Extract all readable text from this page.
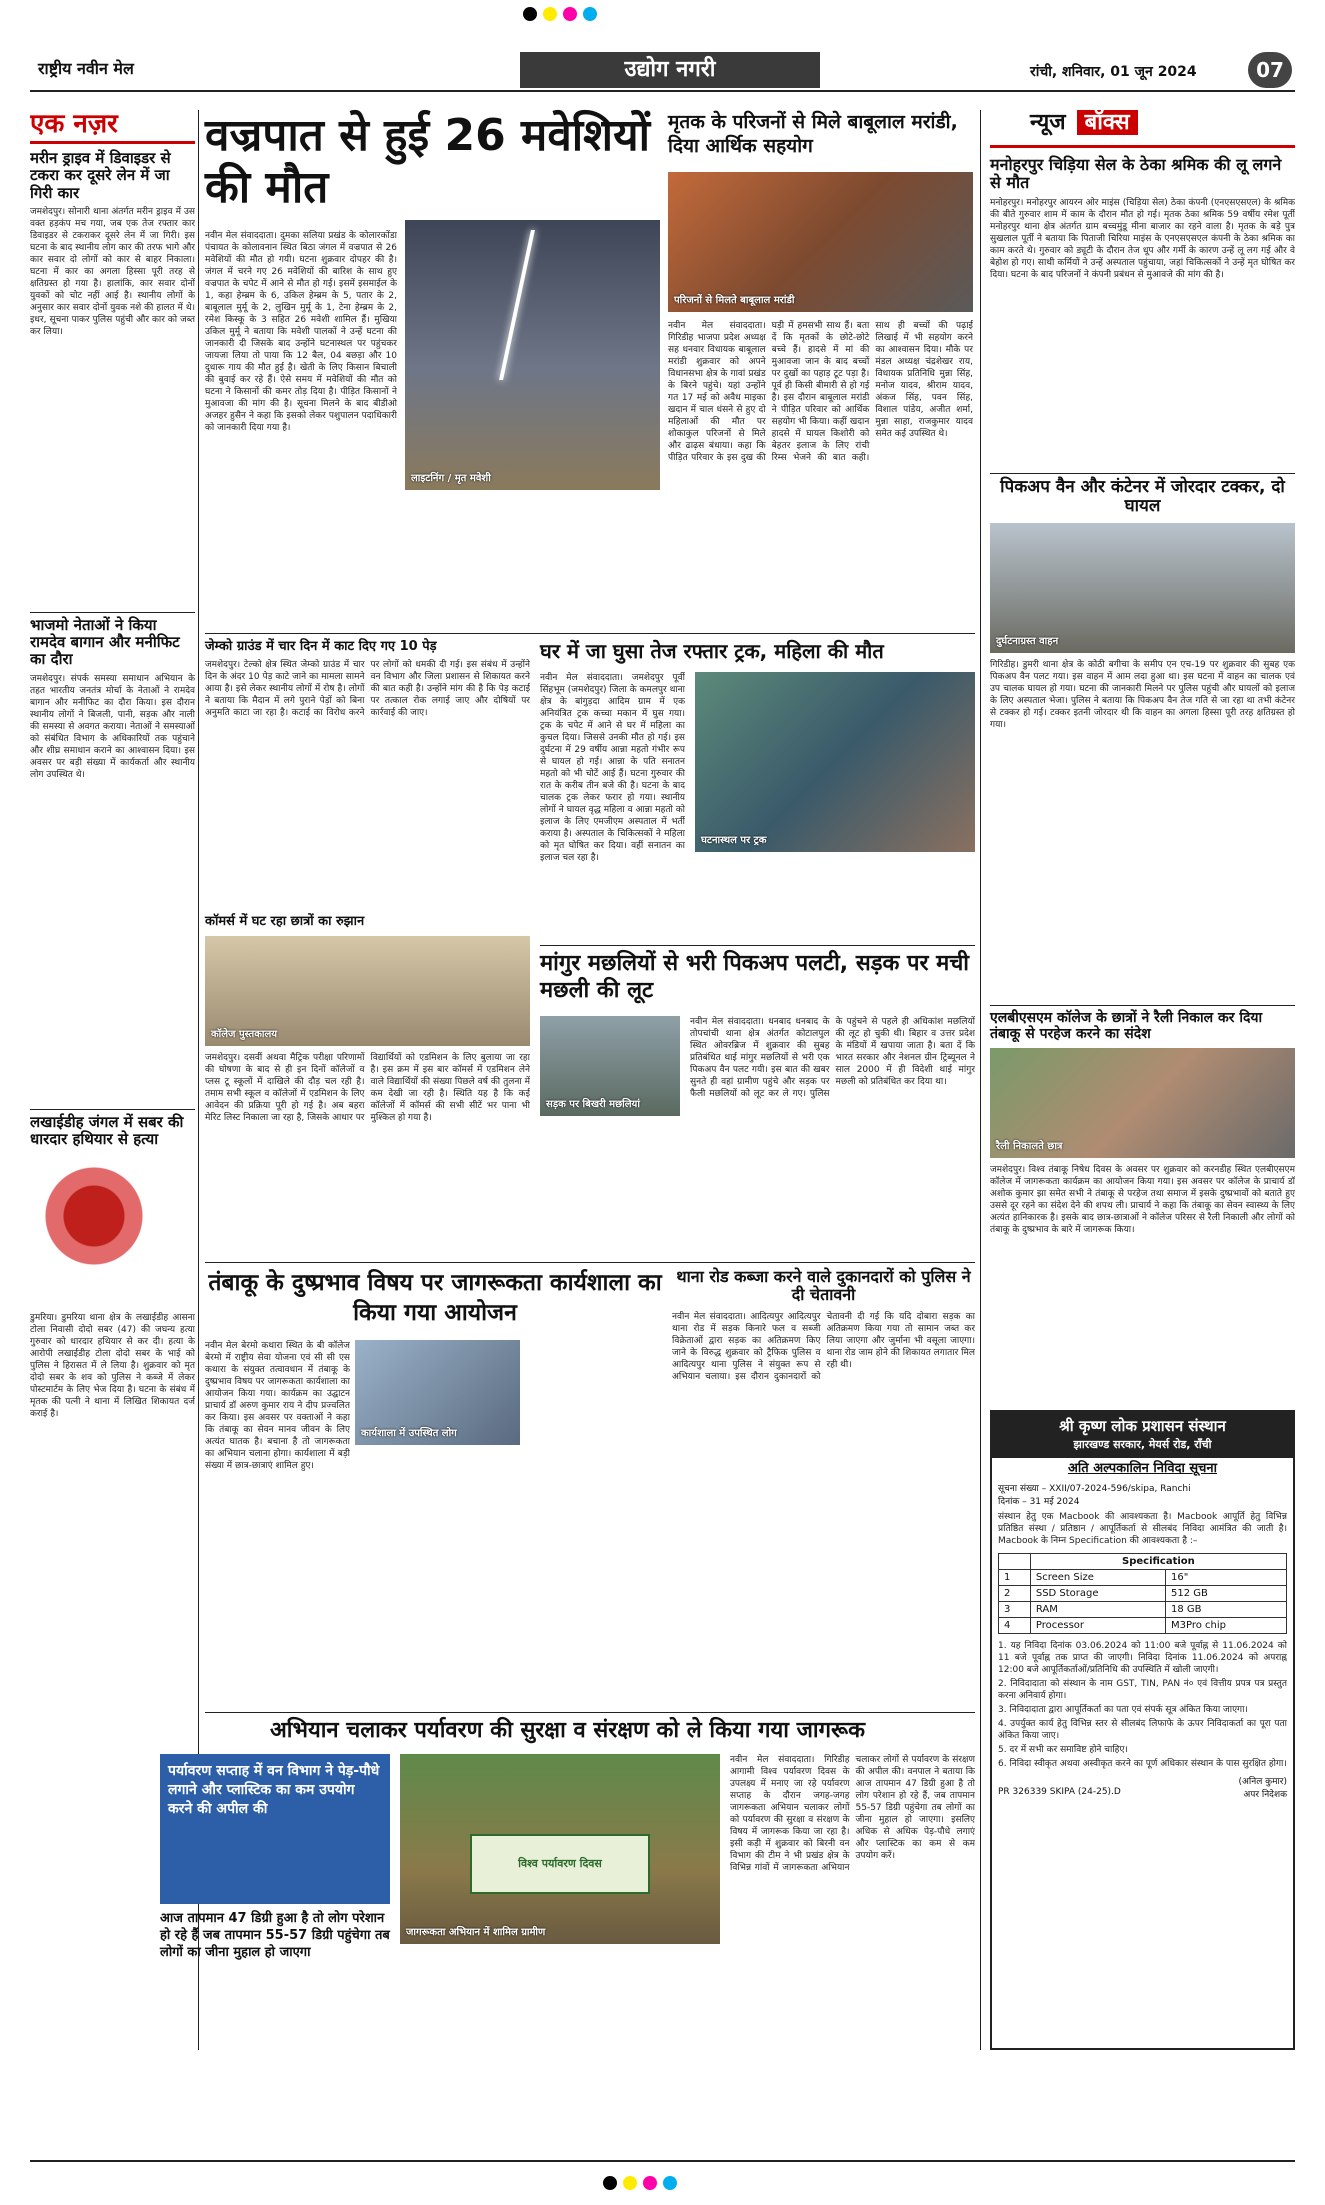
राष्ट्रीय नवीन मेल	उद्योग नगरी	रांची, शनिवार, 01 जून 2024	07
एक नज़र
मरीन ड्राइव में डिवाइडर से टकरा कर दूसरे लेन में जा गिरी कार
जमशेदपुर। सोनारी थाना अंतर्गत मरीन ड्राइव में उस वक्त हड़कंप मच गया, जब एक तेज रफ्तार कार डिवाइडर से टकराकर दूसरे लेन में जा गिरी। इस घटना के बाद स्थानीय लोग कार की तरफ भागे और कार सवार दो लोगों को कार से बाहर निकाला। घटना में कार का अगला हिस्सा पूरी तरह से क्षतिग्रस्त हो गया है। हालांकि, कार सवार दोनों युवकों को चोट नहीं आई है। स्थानीय लोगों के अनुसार कार सवार दोनों युवक नशे की हालत में थे। इधर, सूचना पाकर पुलिस पहुंची और कार को जब्त कर लिया।
भाजमो नेताओं ने किया रामदेव बागान और मनीफिट का दौरा
जमशेदपुर। संपर्क समस्या समाधान अभियान के तहत भारतीय जनतंत्र मोर्चा के नेताओं ने रामदेव बागान और मनीफिट का दौरा किया। इस दौरान स्थानीय लोगों ने बिजली, पानी, सड़क और नाली की समस्या से अवगत कराया। नेताओं ने समस्याओं को संबंधित विभाग के अधिकारियों तक पहुंचाने और शीघ्र समाधान कराने का आश्वासन दिया। इस अवसर पर बड़ी संख्या में कार्यकर्ता और स्थानीय लोग उपस्थित थे।
लखाईडीह जंगल में सबर की धारदार हथियार से हत्या
डुमरिया। डुमरिया थाना क्षेत्र के लखाईडीह आसना टोला निवासी दोदो सबर (47) की जघन्य हत्या गुरुवार को धारदार हथियार से कर दी। हत्या के आरोपी लखाईडीह टोला दोदो सबर के भाई को पुलिस ने हिरासत में ले लिया है। शुक्रवार को मृत दोदो सबर के शव को पुलिस ने कब्जे में लेकर पोस्टमार्टम के लिए भेज दिया है। घटना के संबंध में मृतक की पत्नी ने थाना में लिखित शिकायत दर्ज कराई है।
वज्रपात से हुई 26 मवेशियों की मौत
लाइटनिंग / मृत मवेशी
नवीन मेल संवाददाता। दुमका सलिया प्रखंड के कोलारकोंडा पंचायत के कोलावनान स्थित बिठा जंगल में वज्रपात से 26 मवेशियों की मौत हो गयी। घटना शुक्रवार दोपहर की है। जंगल में चरने गए 26 मवेशियों की बारिश के साथ हुए वज्रपात के चपेट में आने से मौत हो गई। इसमें इसमाईल के 1, कहा हेम्ब्रम के 6, उकिल हेम्ब्रम के 5, पतार के 2, बाबूलाल मुर्मू के 2, लुखिन मुर्मू के 1, टेना हेम्ब्रम के 2, रमेश किस्कू के 3 सहित 26 मवेशी शामिल हैं। मुखिया उकिल मुर्मू ने बताया कि मवेशी पालकों ने उन्हें घटना की जानकारी दी जिसके बाद उन्होंने घटनास्थल पर पहुंचकर जायजा लिया तो पाया कि 12 बैल, 04 बछड़ा और 10 दुधारू गाय की मौत हुई है। खेती के लिए किसान बिचाली की बुवाई कर रहे हैं। ऐसे समय में मवेशियों की मौत को घटना ने किसानों की कमर तोड़ दिया है। पीड़ित किसानों ने मुआवजा की मांग की है। सूचना मिलने के बाद बीडीओ अजहर हुसैन ने कहा कि इसको लेकर पशुपालन पदाधिकारी को जानकारी दिया गया है।
मृतक के परिजनों से मिले बाबूलाल मरांडी, दिया आर्थिक सहयोग
परिजनों से मिलते बाबूलाल मरांडी
नवीन मेल संवाददाता। गिरिडीह भाजपा प्रदेश अध्यक्ष सह धनवार विधायक बाबूलाल मरांडी शुक्रवार को अपने विधानसभा क्षेत्र के गावां प्रखंड के बिरने पहुंचे। यहां उन्होंने गत 17 मई को अवैध माइका खदान में चाल धंसने से हुए दो महिलाओं की मौत पर शोकाकुल परिजनों से मिले और ढाढ़स बंधाया। कहा कि पीड़ित परिवार के इस दुख की घड़ी में हमसभी साथ हैं। बता दें कि मृतकों के छोटे-छोटे बच्चे हैं। हादसे में मां की मुआवजा जान के बाद बच्चों पर दुखों का पहाड़ टूट पड़ा है। पूर्व ही किसी बीमारी से हो गई है। इस दौरान बाबूलाल मरांडी ने पीड़ित परिवार को आर्थिक सहयोग भी किया। कहीं खदान हादसे में घायल किशोरी को बेहतर इलाज के लिए रांची रिम्स भेजने की बात कही। साथ ही बच्चों की पढ़ाई लिखाई में भी सहयोग करने का आश्वासन दिया। मौके पर मंडल अध्यक्ष चंद्रशेखर राय, विधायक प्रतिनिधि मुन्ना सिंह, मनोज यादव, श्रीराम यादव, अंकज सिंह, पवन सिंह, विशाल पांडेय, अजीत शर्मा, मुन्ना साहा, राजकुमार यादव समेत कई उपस्थित थे।
न्यूज बॉक्स
मनोहरपुर चिड़िया सेल के ठेका श्रमिक की लू लगने से मौत
मनोहरपुर। मनोहरपुर आयरन ओर माइंस (चिड़िया सेल) ठेका कंपनी (एनएसएसएल) के श्रमिक की बीते गुरुवार शाम में काम के दौरान मौत हो गई। मृतक ठेका श्रमिक 59 वर्षीय रमेश पूर्ती मनोहरपुर थाना क्षेत्र अंतर्गत ग्राम बच्चमुंडू मीना बाजार का रहने वाला है। मृतक के बड़े पुत्र सुखलाल पूर्ती ने बताया कि पिताजी चिरिया माइंस के एनएसएसएल कंपनी के ठेका श्रमिक का काम करते थे। गुरुवार को ड्यूटी के दौरान तेज धूप और गर्मी के कारण उन्हें लू लग गई और वे बेहोश हो गए। साथी कर्मियों ने उन्हें अस्पताल पहुंचाया, जहां चिकित्सकों ने उन्हें मृत घोषित कर दिया। घटना के बाद परिजनों ने कंपनी प्रबंधन से मुआवजे की मांग की है।
पिकअप वैन और कंटेनर में जोरदार टक्कर, दो घायल
दुर्घटनाग्रस्त वाहन
गिरिडीह। डुमरी थाना क्षेत्र के कोठी बगीचा के समीप एन एच-19 पर शुक्रवार की सुबह एक पिकअप वैन पलट गया। इस वाहन में आम लदा हुआ था। इस घटना में वाहन का चालक एवं उप चालक घायल हो गया। घटना की जानकारी मिलने पर पुलिस पहुंची और घायलों को इलाज के लिए अस्पताल भेजा। पुलिस ने बताया कि पिकअप वैन तेज गति से जा रहा था तभी कंटेनर से टक्कर हो गई। टक्कर इतनी जोरदार थी कि वाहन का अगला हिस्सा पूरी तरह क्षतिग्रस्त हो गया।
एलबीएसएम कॉलेज के छात्रों ने रैली निकाल कर दिया तंबाकू से परहेज करने का संदेश
रैली निकालते छात्र
जमशेदपुर। विश्व तंबाकू निषेध दिवस के अवसर पर शुक्रवार को करनडीह स्थित एलबीएसएम कॉलेज में जागरूकता कार्यक्रम का आयोजन किया गया। इस अवसर पर कॉलेज के प्राचार्य डॉ अशोक कुमार झा समेत सभी ने तंबाकू से परहेज तथा समाज में इसके दुष्प्रभावों को बताते हुए उससे दूर रहने का संदेश देने की शपथ ली। प्राचार्य ने कहा कि तंबाकू का सेवन स्वास्थ्य के लिए अत्यंत हानिकारक है। इसके बाद छात्र-छात्राओं ने कॉलेज परिसर से रैली निकाली और लोगों को तंबाकू के दुष्प्रभाव के बारे में जागरूक किया।
जेम्को ग्राउंड में चार दिन में काट दिए गए 10 पेड़
जमशेदपुर। टेल्को क्षेत्र स्थित जेम्को ग्राउंड में चार दिन के अंदर 10 पेड़ काटे जाने का मामला सामने आया है। इसे लेकर स्थानीय लोगों में रोष है। लोगों ने बताया कि मैदान में लगे पुराने पेड़ों को बिना अनुमति काटा जा रहा है। कटाई का विरोध करने पर लोगों को धमकी दी गई। इस संबंध में उन्होंने वन विभाग और जिला प्रशासन से शिकायत करने की बात कही है। उन्होंने मांग की है कि पेड़ कटाई पर तत्काल रोक लगाई जाए और दोषियों पर कार्रवाई की जाए।
घर में जा घुसा तेज रफ्तार ट्रक, महिला की मौत
नवीन मेल संवाददाता। जमशेदपुर पूर्वी सिंहभूम (जमशेदपुर) जिला के कमलपुर थाना क्षेत्र के बांगुड़दा आदिम ग्राम में एक अनियंत्रित ट्रक कच्चा मकान में घुस गया। ट्रक के चपेट में आने से घर में महिला का कुचल दिया। जिससे उनकी मौत हो गई। इस दुर्घटना में 29 वर्षीय आन्ना महतो गंभीर रूप से घायल हो गई। आन्ना के पति सनातन महतो को भी चोटें आई हैं। घटना गुरुवार की रात के करीब तीन बजे की है। घटना के बाद चालक ट्रक लेकर फरार हो गया। स्थानीय लोगों ने घायल वृद्ध महिला व आन्ना महतो को इलाज के लिए एमजीएम अस्पताल में भर्ती कराया है। अस्पताल के चिकित्सकों ने महिला को मृत घोषित कर दिया। वहीं सनातन का इलाज चल रहा है।
घटनास्थल पर ट्रक
कॉमर्स में घट रहा छात्रों का रुझान
कॉलेज पुस्तकालय
जमशेदपुर। दसवीं अथवा मैट्रिक परीक्षा परिणामों की घोषणा के बाद से ही इन दिनों कॉलेजों व प्लस टू स्कूलों में दाखिले की दौड़ चल रही है। तमाम सभी स्कूल व कॉलेजों में एडमिशन के लिए आवेदन की प्रक्रिया पूरी हो गई है। अब बहरा मेरिट लिस्ट निकाला जा रहा है, जिसके आधार पर विद्यार्थियों को एडमिशन के लिए बुलाया जा रहा है। इस क्रम में इस बार कॉमर्स में एडमिशन लेने वाले विद्यार्थियों की संख्या पिछले वर्ष की तुलना में कम देखी जा रही है। स्थिति यह है कि कई कॉलेजों में कॉमर्स की सभी सीटें भर पाना भी मुश्किल हो गया है।
मांगुर मछलियों से भरी पिकअप पलटी, सड़क पर मची मछली की लूट
सड़क पर बिखरी मछलियां
नवीन मेल संवाददाता। धनबाद धनबाद के तोपचांची थाना क्षेत्र अंतर्गत कोटालपुल स्थित ओवरब्रिज में शुक्रवार की सुबह प्रतिबंधित थाई मांगुर मछलियों से भरी एक पिकअप वैन पलट गयी। इस बात की खबर सुनते ही वहां ग्रामीण पहुंचे और सड़क पर फैली मछलियों को लूट कर ले गए। पुलिस के पहुंचने से पहले ही अधिकांश मछलियों की लूट हो चुकी थी। बिहार व उत्तर प्रदेश के मंडियों में खपाया जाता है। बता दें कि भारत सरकार और नेशनल ग्रीन ट्रिब्यूनल ने साल 2000 में ही विदेशी थाई मांगुर मछली को प्रतिबंधित कर दिया था।
तंबाकू के दुष्प्रभाव विषय पर जागरूकता कार्यशाला का किया गया आयोजन
कार्यशाला में उपस्थित लोग
नवीन मेल बेरमो कथारा स्थित के बी कॉलेज बेरमो में राष्ट्रीय सेवा योजना एवं सी सी एस कथारा के संयुक्त तत्वावधान में तंबाकू के दुष्प्रभाव विषय पर जागरूकता कार्यशाला का आयोजन किया गया। कार्यक्रम का उद्घाटन प्राचार्य डॉ अरुण कुमार राय ने दीप प्रज्वलित कर किया। इस अवसर पर वक्ताओं ने कहा कि तंबाकू का सेवन मानव जीवन के लिए अत्यंत घातक है। बचाना है तो जागरूकता का अभियान चलाना होगा। कार्यशाला में बड़ी संख्या में छात्र-छात्राएं शामिल हुए।
थाना रोड कब्जा करने वाले दुकानदारों को पुलिस ने दी चेतावनी
नवीन मेल संवाददाता। आदित्यपुर आदित्यपुर थाना रोड में सड़क किनारे फल व सब्जी विक्रेताओं द्वारा सड़क का अतिक्रमण किए जाने के विरुद्ध शुक्रवार को ट्रैफिक पुलिस व आदित्यपुर थाना पुलिस ने संयुक्त रूप से अभियान चलाया। इस दौरान दुकानदारों को चेतावनी दी गई कि यदि दोबारा सड़क का अतिक्रमण किया गया तो सामान जब्त कर लिया जाएगा और जुर्माना भी वसूला जाएगा। थाना रोड जाम होने की शिकायत लगातार मिल रही थी।
श्री कृष्ण लोक प्रशासन संस्थान
झारखण्ड सरकार, मेयर्स रोड, राँची
अति अल्पकालिन निविदा सूचना
सूचना संख्या – XXII/07-2024-596/skipa, Ranchi
दिनांक – 31 मई 2024
संस्थान हेतु एक Macbook की आवश्यकता है। Macbook आपूर्ति हेतु विभिन्न प्रतिष्ठित संस्था / प्रतिष्ठान / आपूर्तिकर्ता से सीलबंद निविदा आमंत्रित की जाती है। Macbook के निम्न Specification की आवश्यकता है :–
	Specification	
1	Screen Size	16"
2	SSD Storage	512 GB
3	RAM	18 GB
4	Processor	M3Pro chip
1. यह निविदा दिनांक 03.06.2024 को 11:00 बजे पूर्वाह्न से 11.06.2024 को 11 बजे पूर्वाह्न तक प्राप्त की जाएगी। निविदा दिनांक 11.06.2024 को अपराह्न 12:00 बजे आपूर्तिकर्ताओं/प्रतिनिधि की उपस्थिति में खोली जाएगी।
2. निविदादाता को संस्थान के नाम GST, TIN, PAN नं० एवं वित्तीय प्रपत्र पत्र प्रस्तुत करना अनिवार्य होगा।
3. निविदादाता द्वारा आपूर्तिकर्ता का पता एवं संपर्क सूत्र अंकित किया जाएगा।
4. उपर्युक्त कार्य हेतु विभिन्न स्तर से सीलबंद लिफाफे के ऊपर निविदाकर्ता का पूरा पता अंकित किया जाए।
5. दर में सभी कर समाविष्ट होने चाहिए।
6. निविदा स्वीकृत अथवा अस्वीकृत करने का पूर्ण अधिकार संस्थान के पास सुरक्षित होगा।
(अनिल कुमार)
PR 326339 SKIPA (24-25).D	अपर निदेशक
अभियान चलाकर पर्यावरण की सुरक्षा व संरक्षण को ले किया गया जागरूक
पर्यावरण सप्ताह में वन विभाग ने पेड़-पौधे लगाने और प्लास्टिक का कम उपयोग करने की अपील की
आज तापमान 47 डिग्री हुआ है तो लोग परेशान हो रहे हैं जब तापमान 55-57 डिग्री पहुंचेगा तब लोगों का जीना मुहाल हो जाएगा
विश्व पर्यावरण दिवस
जागरूकता अभियान में शामिल ग्रामीण
नवीन मेल संवाददाता। गिरिडीह आगामी विश्व पर्यावरण दिवस के उपलक्ष्य में मनाए जा रहे पर्यावरण सप्ताह के दौरान जगह-जगह जागरूकता अभियान चलाकर लोगों को पर्यावरण की सुरक्षा व संरक्षण के विषय में जागरूक किया जा रहा है। इसी कड़ी में शुक्रवार को बिरनी वन विभाग की टीम ने भी प्रखंड क्षेत्र के विभिन्न गांवों में जागरूकता अभियान चलाकर लोगों से पर्यावरण के संरक्षण की अपील की। वनपाल ने बताया कि आज तापमान 47 डिग्री हुआ है तो लोग परेशान हो रहे हैं, जब तापमान 55-57 डिग्री पहुंचेगा तब लोगों का जीना मुहाल हो जाएगा। इसलिए अधिक से अधिक पेड़-पौधे लगाएं और प्लास्टिक का कम से कम उपयोग करें।
